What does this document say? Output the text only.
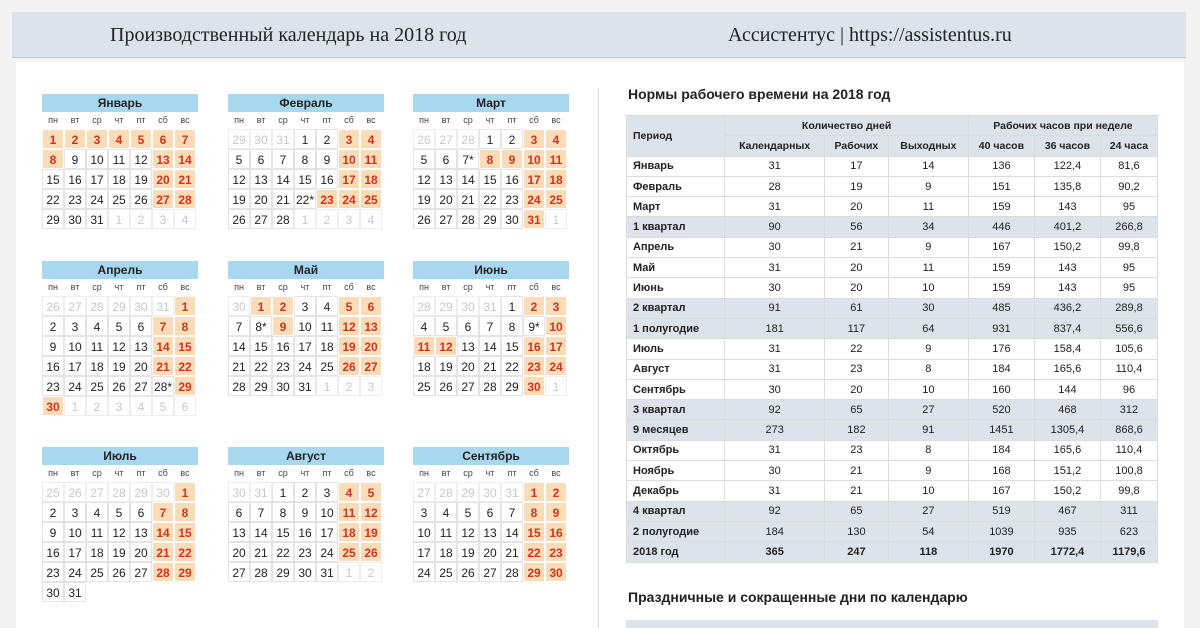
Производственный календарь на 2018 год	Ассистентус | https://assistentus.ru
Январь
пн	вт	ср	чт	пт	сб	вс
1	2	3	4	5	6	7
8	9 10 11 12 13 14
15 16 17 18 19 20 21
22 23 24 25 26 27 28
29 30 31 1	2	3	4
Февраль
пн	вт	ср	чт	пт	сб	вс
29 30 31 1	2	3	4
5	6	7	8	9 10 11
12 13 14 15 16 17 18
19 20 21 22* 23 24 25
26 27 28 1	2	3	4
Март
пн	вт	ср	чт	пт	сб	вс
26 27 28 1	2	3	4
5	6	7*	8	9 10 11
12 13 14 15 16 17 18
19 20 21 22 23 24 25
26 27 28 29 30 31 1
Апрель
пн	вт	ср	чт	пт	сб	вс
26 27 28 29 30 31 1
2	3	4	5	6	7	8
9 10 11 12 13 14 15
16 17 18 19 20 21 22
23 24 25 26 27 28* 29
30 1	2	3	4	5	6
Май
пн	вт	ср	чт	пт	сб	вс
30 1	2	3	4	5	6
7	8*	9 10 11 12 13
14 15 16 17 18 19 20
21 22 23 24 25 26 27
28 29 30 31 1	2	3
Июнь
пн	вт	ср	чт	пт	сб	вс
28 29 30 31 1	2	3
4	5	6	7	8	9* 10
11 12 13 14 15 16 17
18 19 20 21 22 23 24
25 26 27 28 29 30 1
Июль
пн	вт	ср	чт	пт	сб	вс
25 26 27 28 29 30 1
2	3	4	5	6	7	8
9 10 11 12 13 14 15
16 17 18 19 20 21 22
23 24 25 26 27 28 29
30 31
Август
пн	вт	ср	чт	пт	сб	вс
30 31 1	2	3	4	5
6	7	8	9 10 11 12
13 14 15 16 17 18 19
20 21 22 23 24 25 26
27 28 29 30 31 1	2
Сентябрь
пн	вт	ср	чт	пт	сб	вс
27 28 29 30 31 1	2
3	4	5	6	7	8	9
10 11 12 13 14 15 16
17 18 19 20 21 22 23
24 25 26 27 28 29 30
Нормы рабочего времени на 2018 год
Период	Количество дней			Рабочих часов при неделе		
	Календарных	Рабочих	Выходных	40 часов	36 часов	24 часа
Январь	31	17	14	136	122,4	81,6
Февраль	28	19	9	151	135,8	90,2
Март	31	20	11	159	143	95
1 квартал	90	56	34	446	401,2	266,8
Апрель	30	21	9	167	150,2	99,8
Май	31	20	11	159	143	95
Июнь	30	20	10	159	143	95
2 квартал	91	61	30	485	436,2	289,8
1 полугодие	181	117	64	931	837,4	556,6
Июль	31	22	9	176	158,4	105,6
Август	31	23	8	184	165,6	110,4
Сентябрь	30	20	10	160	144	96
3 квартал	92	65	27	520	468	312
9 месяцев	273	182	91	1451	1305,4	868,6
Октябрь	31	23	8	184	165,6	110,4
Ноябрь	30	21	9	168	151,2	100,8
Декабрь	31	21	10	167	150,2	99,8
4 квартал	92	65	27	519	467	311
2 полугодие	184	130	54	1039	935	623
2018 год	365	247	118	1970	1772,4	1179,6
Праздничные и сокращенные дни по календарю
